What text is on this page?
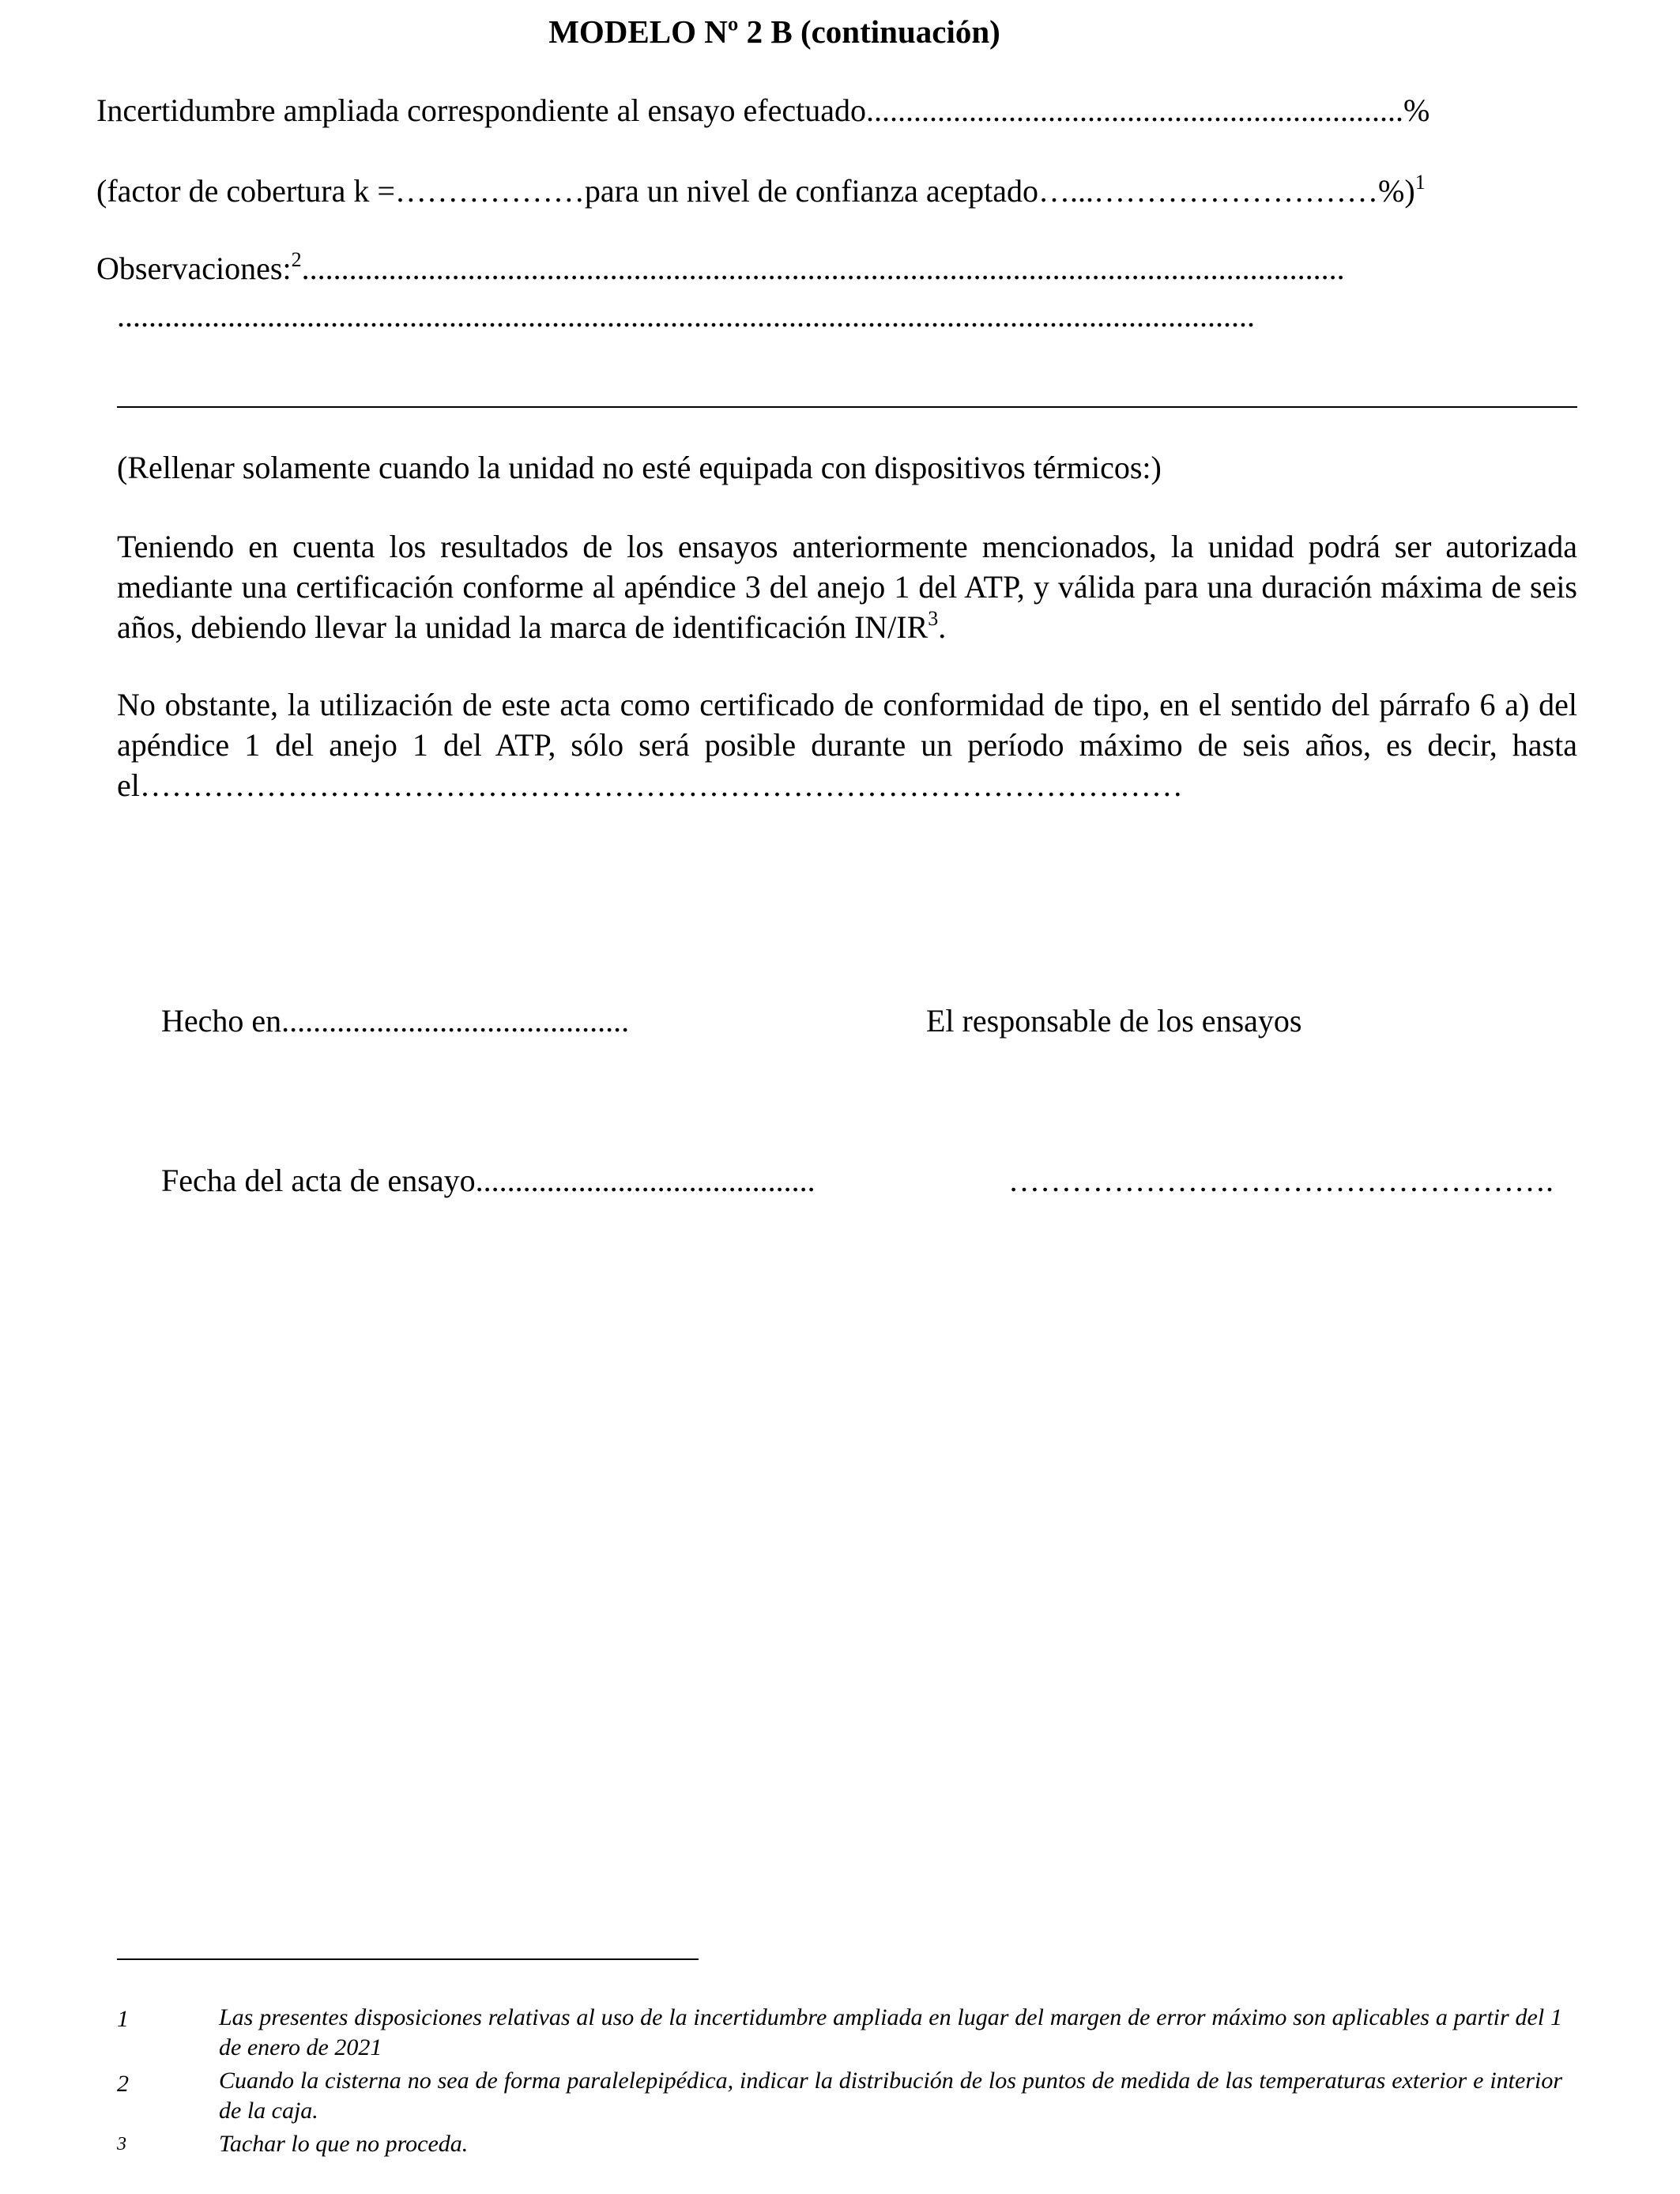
MODELO Nº 2 B (continuación)
Incertidumbre ampliada correspondiente al ensayo efectuado....................................................................%
(factor de cobertura k =………………para un nivel de confianza aceptado…...………………………%)$^1$
Observaciones:$^2$....................................................................................................................................
................................................................................................................................................
(Rellenar solamente cuando la unidad no esté equipada con dispositivos térmicos:)
Teniendo en cuenta los resultados de los ensayos anteriormente mencionados, la unidad podrá ser autorizada mediante una certificación conforme al apéndice 3 del anejo 1 del ATP, y válida para una duración máxima de seis años, debiendo llevar la unidad la marca de identificación $IN/IR^3$.
No obstante, la utilización de este acta como certificado de conformidad de tipo, en el sentido del párrafo 6 a) del apéndice 1 del anejo 1 del ATP, sólo será posible durante un período máximo de seis años, es decir, hasta el………………………………………………………………………………………
Hecho en............................................	El responsable de los ensayos
Fecha del acta de ensayo...........................................	…………………………………………….
1	Las presentes disposiciones relativas al uso de la incertidumbre ampliada en lugar del margen de error máximo son aplicables a partir del 1 de enero de 2021
2	Cuando la cisterna no sea de forma paralelepipédica, indicar la distribución de los puntos de medida de las temperaturas exterior e interior de la caja.
3	Tachar lo que no proceda.
